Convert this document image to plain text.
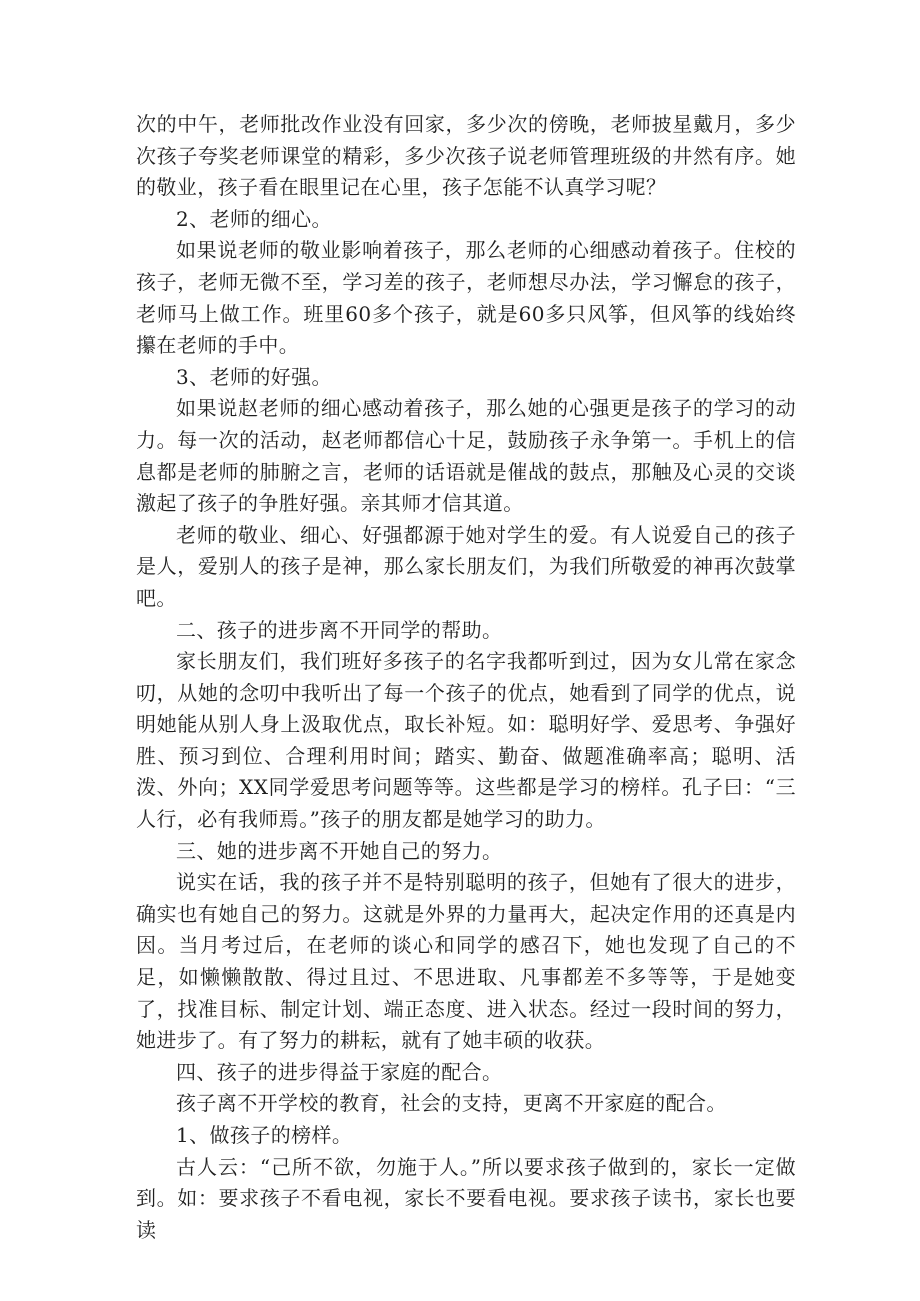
次的中午，老师批改作业没有回家，多少次的傍晚，老师披星戴月，多少次孩子夸奖老师课堂的精彩，多少次孩子说老师管理班级的井然有序。她的敬业，孩子看在眼里记在心里，孩子怎能不认真学习呢？

2、老师的细心。

如果说老师的敬业影响着孩子，那么老师的心细感动着孩子。住校的孩子，老师无微不至，学习差的孩子，老师想尽办法，学习懈怠的孩子，老师马上做工作。班里60多个孩子，就是60多只风筝，但风筝的线始终攥在老师的手中。

3、老师的好强。

如果说赵老师的细心感动着孩子，那么她的心强更是孩子的学习的动力。每一次的活动，赵老师都信心十足，鼓励孩子永争第一。手机上的信息都是老师的肺腑之言，老师的话语就是催战的鼓点，那触及心灵的交谈激起了孩子的争胜好强。亲其师才信其道。

老师的敬业、细心、好强都源于她对学生的爱。有人说爱自己的孩子是人，爱别人的孩子是神，那么家长朋友们，为我们所敬爱的神再次鼓掌吧。

二、孩子的进步离不开同学的帮助。

家长朋友们，我们班好多孩子的名字我都听到过，因为女儿常在家念叨，从她的念叨中我听出了每一个孩子的优点，她看到了同学的优点，说明她能从别人身上汲取优点，取长补短。如：聪明好学、爱思考、争强好胜、预习到位、合理利用时间；踏实、勤奋、做题准确率高；聪明、活泼、外向；XX同学爱思考问题等等。这些都是学习的榜样。孔子曰：“三人行，必有我师焉。”孩子的朋友都是她学习的助力。

三、她的进步离不开她自己的努力。

说实在话，我的孩子并不是特别聪明的孩子，但她有了很大的进步，确实也有她自己的努力。这就是外界的力量再大，起决定作用的还真是内因。当月考过后，在老师的谈心和同学的感召下，她也发现了自己的不足，如懒懒散散、得过且过、不思进取、凡事都差不多等等，于是她变了，找准目标、制定计划、端正态度、进入状态。经过一段时间的努力，她进步了。有了努力的耕耘，就有了她丰硕的收获。

四、孩子的进步得益于家庭的配合。

孩子离不开学校的教育，社会的支持，更离不开家庭的配合。

1、做孩子的榜样。

古人云：“己所不欲，勿施于人。”所以要求孩子做到的，家长一定做到。如：要求孩子不看电视，家长不要看电视。要求孩子读书，家长也要读
